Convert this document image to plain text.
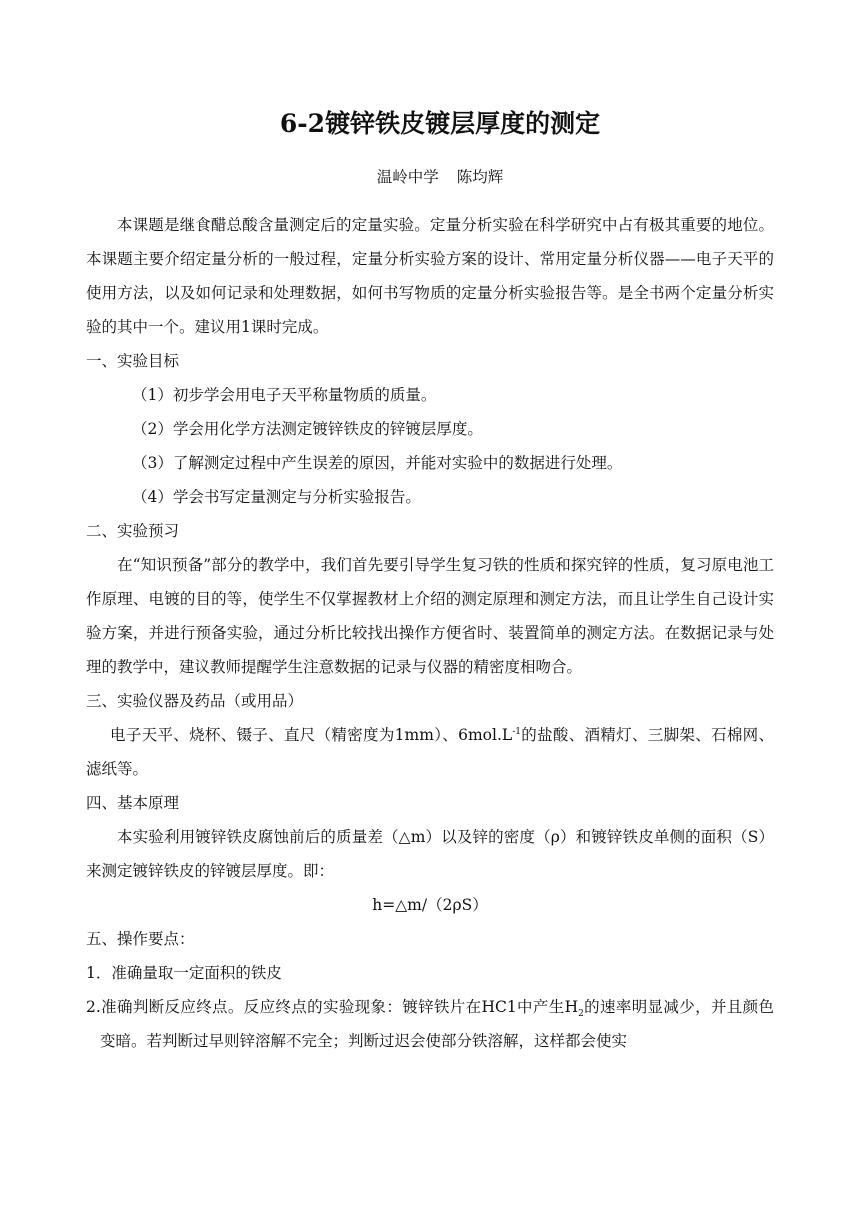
6-2镀锌铁皮镀层厚度的测定
温岭中学 陈均辉

本课题是继食醋总酸含量测定后的定量实验。定量分析实验在科学研究中占有极其重要的地位。本课题主要介绍定量分析的一般过程，定量分析实验方案的设计、常用定量分析仪器——电子天平的使用方法，以及如何记录和处理数据，如何书写物质的定量分析实验报告等。是全书两个定量分析实验的其中一个。建议用1课时完成。

一、实验目标

（1）初步学会用电子天平称量物质的质量。

（2）学会用化学方法测定镀锌铁皮的锌镀层厚度。

（3）了解测定过程中产生误差的原因，并能对实验中的数据进行处理。

（4）学会书写定量测定与分析实验报告。

二、实验预习

在“知识预备”部分的教学中，我们首先要引导学生复习铁的性质和探究锌的性质，复习原电池工作原理、电镀的目的等，使学生不仅掌握教材上介绍的测定原理和测定方法，而且让学生自己设计实验方案，并进行预备实验，通过分析比较找出操作方便省时、装置简单的测定方法。在数据记录与处理的教学中，建议教师提醒学生注意数据的记录与仪器的精密度相吻合。

三、实验仪器及药品（或用品）

电子天平、烧杯、镊子、直尺（精密度为1mm）、$6mol.L^{-1}$的盐酸、酒精灯、三脚架、石棉网、滤纸等。

四、基本原理

本实验利用镀锌铁皮腐蚀前后的质量差（△m）以及锌的密度（ρ）和镀锌铁皮单侧的面积（S）来测定镀锌铁皮的锌镀层厚度。即：

h=△m/（2ρS）

五、操作要点：

1．准确量取一定面积的铁皮

2.准确判断反应终点。反应终点的实验现象：镀锌铁片在HC1中产生$H_2$的速率明显减少，并且颜色变暗。若判断过早则锌溶解不完全；判断过迟会使部分铁溶解，这样都会使实
